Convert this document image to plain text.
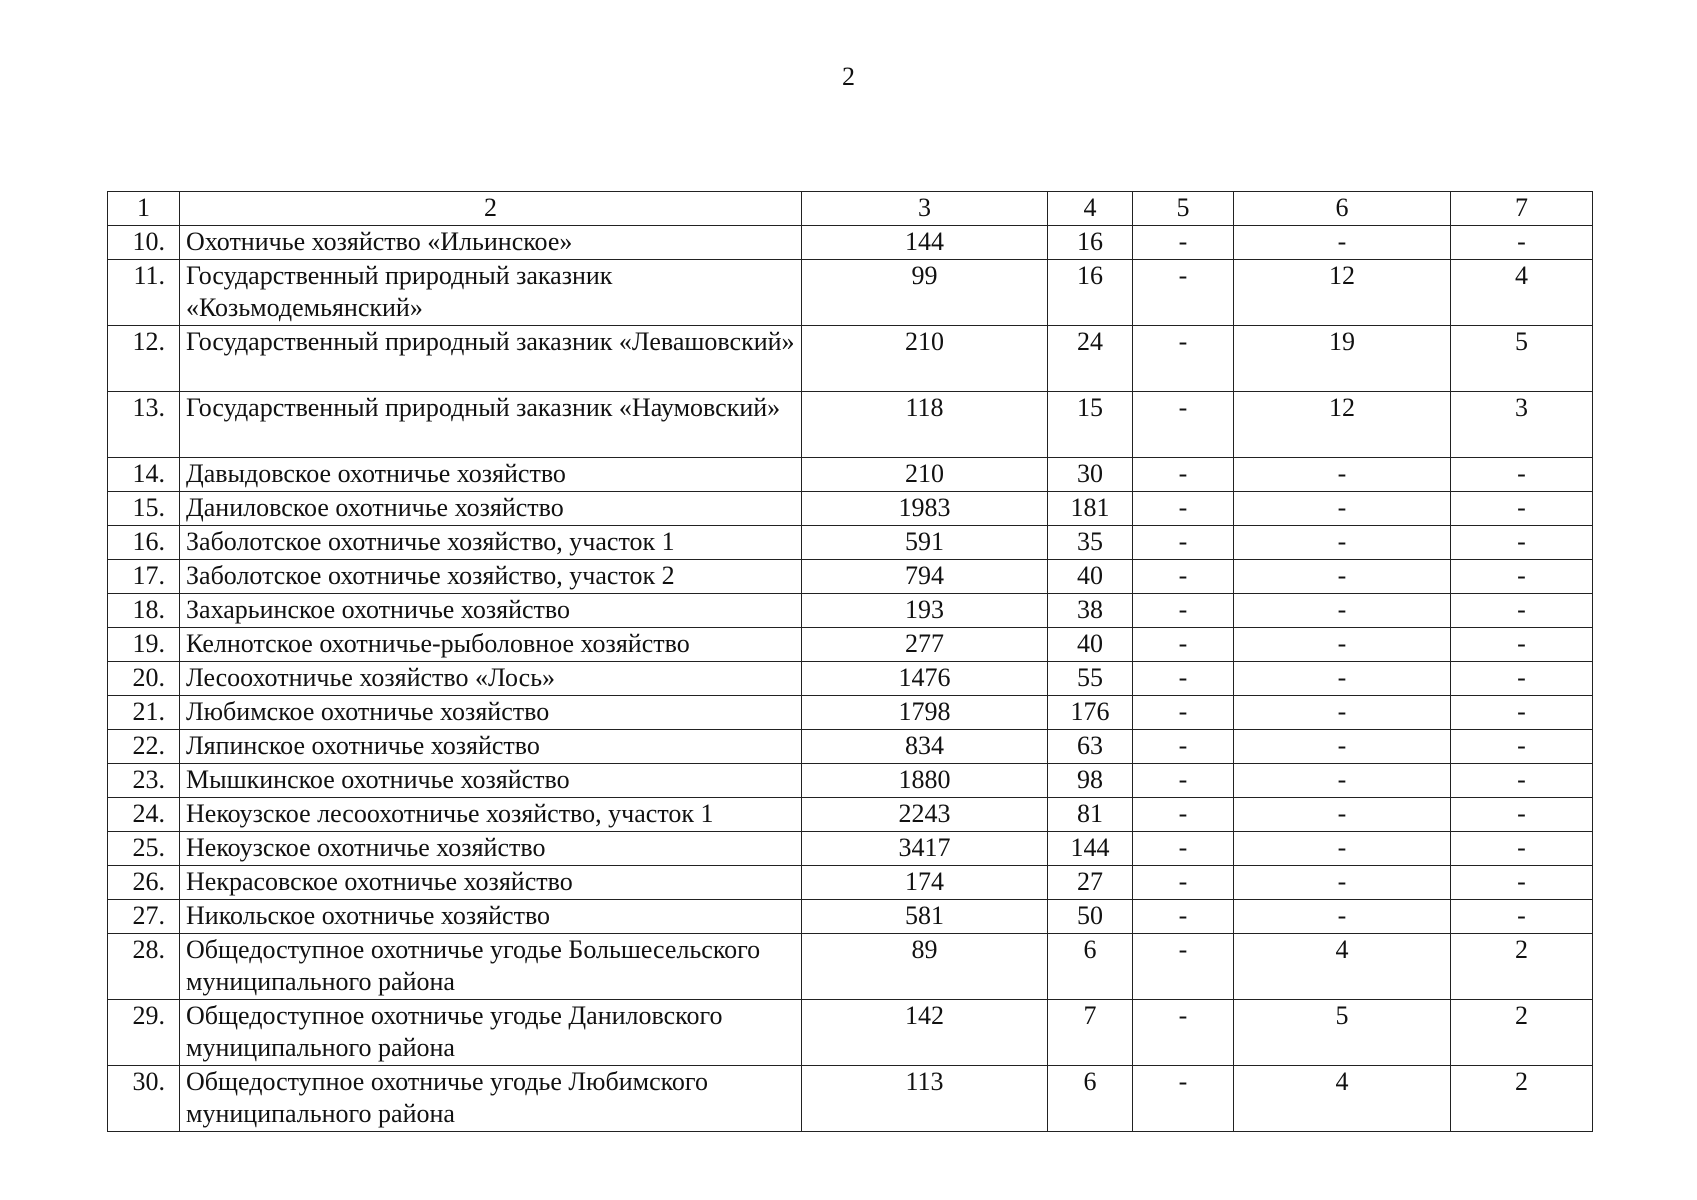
2
1	2	3	4	5	6	7
10.	Охотничье хозяйство «Ильинское»	144	16	-	-	-
11.	Государственный природный заказник «Козьмодемьянский»	99	16	-	12	4
12.	Государственный природный заказник «Левашовский»	210	24	-	19	5
13.	Государственный природный заказник «Наумовский»	118	15	-	12	3
14.	Давыдовское охотничье хозяйство	210	30	-	-	-
15.	Даниловское охотничье хозяйство	1983	181	-	-	-
16.	Заболотское охотничье хозяйство, участок 1	591	35	-	-	-
17.	Заболотское охотничье хозяйство, участок 2	794	40	-	-	-
18.	Захарьинское охотничье хозяйство	193	38	-	-	-
19.	Келнотское охотничье-рыболовное хозяйство	277	40	-	-	-
20.	Лесоохотничье хозяйство «Лось»	1476	55	-	-	-
21.	Любимское охотничье хозяйство	1798	176	-	-	-
22.	Ляпинское охотничье хозяйство	834	63	-	-	-
23.	Мышкинское охотничье хозяйство	1880	98	-	-	-
24.	Некоузское лесоохотничье хозяйство, участок 1	2243	81	-	-	-
25.	Некоузское охотничье хозяйство	3417	144	-	-	-
26.	Некрасовское охотничье хозяйство	174	27	-	-	-
27.	Никольское охотничье хозяйство	581	50	-	-	-
28.	Общедоступное охотничье угодье Большесельского муниципального района	89	6	-	4	2
29.	Общедоступное охотничье угодье Даниловского муниципального района	142	7	-	5	2
30.	Общедоступное охотничье угодье Любимского муниципального района	113	6	-	4	2
